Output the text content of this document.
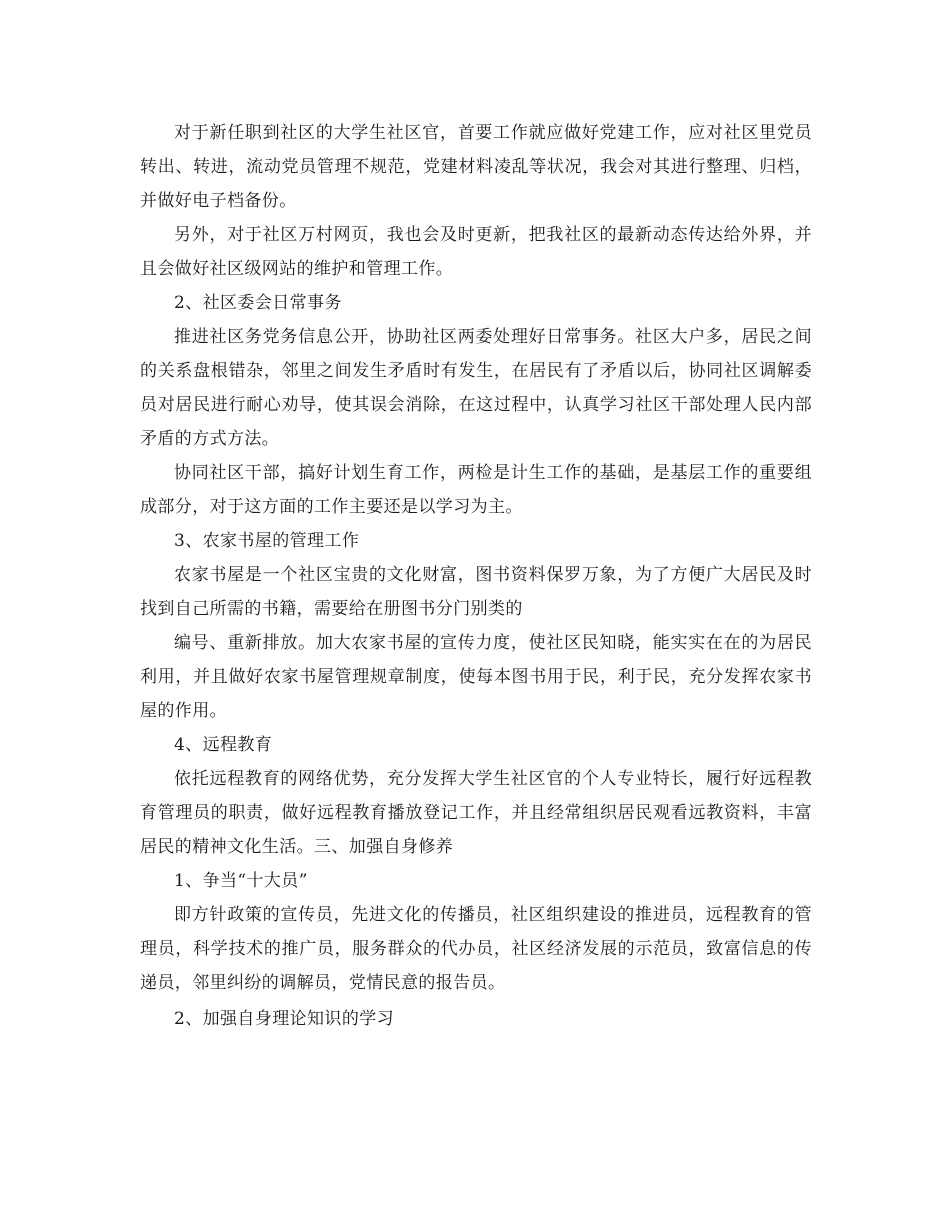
对于新任职到社区的大学生社区官，首要工作就应做好党建工作，应对社区里党员转出、转进，流动党员管理不规范，党建材料凌乱等状况，我会对其进行整理、归档，并做好电子档备份。

另外，对于社区万村网页，我也会及时更新，把我社区的最新动态传达给外界，并且会做好社区级网站的维护和管理工作。

2、社区委会日常事务

推进社区务党务信息公开，协助社区两委处理好日常事务。社区大户多，居民之间的关系盘根错杂，邻里之间发生矛盾时有发生，在居民有了矛盾以后，协同社区调解委员对居民进行耐心劝导，使其误会消除，在这过程中，认真学习社区干部处理人民内部矛盾的方式方法。

协同社区干部，搞好计划生育工作，两检是计生工作的基础，是基层工作的重要组成部分，对于这方面的工作主要还是以学习为主。

3、农家书屋的管理工作

农家书屋是一个社区宝贵的文化财富，图书资料保罗万象，为了方便广大居民及时找到自己所需的书籍，需要给在册图书分门别类的

编号、重新排放。加大农家书屋的宣传力度，使社区民知晓，能实实在在的为居民利用，并且做好农家书屋管理规章制度，使每本图书用于民，利于民，充分发挥农家书屋的作用。

4、远程教育

依托远程教育的网络优势，充分发挥大学生社区官的个人专业特长，履行好远程教育管理员的职责，做好远程教育播放登记工作，并且经常组织居民观看远教资料，丰富居民的精神文化生活。三、加强自身修养

1、争当“十大员”

即方针政策的宣传员，先进文化的传播员，社区组织建设的推进员，远程教育的管理员，科学技术的推广员，服务群众的代办员，社区经济发展的示范员，致富信息的传递员，邻里纠纷的调解员，党情民意的报告员。

2、加强自身理论知识的学习
